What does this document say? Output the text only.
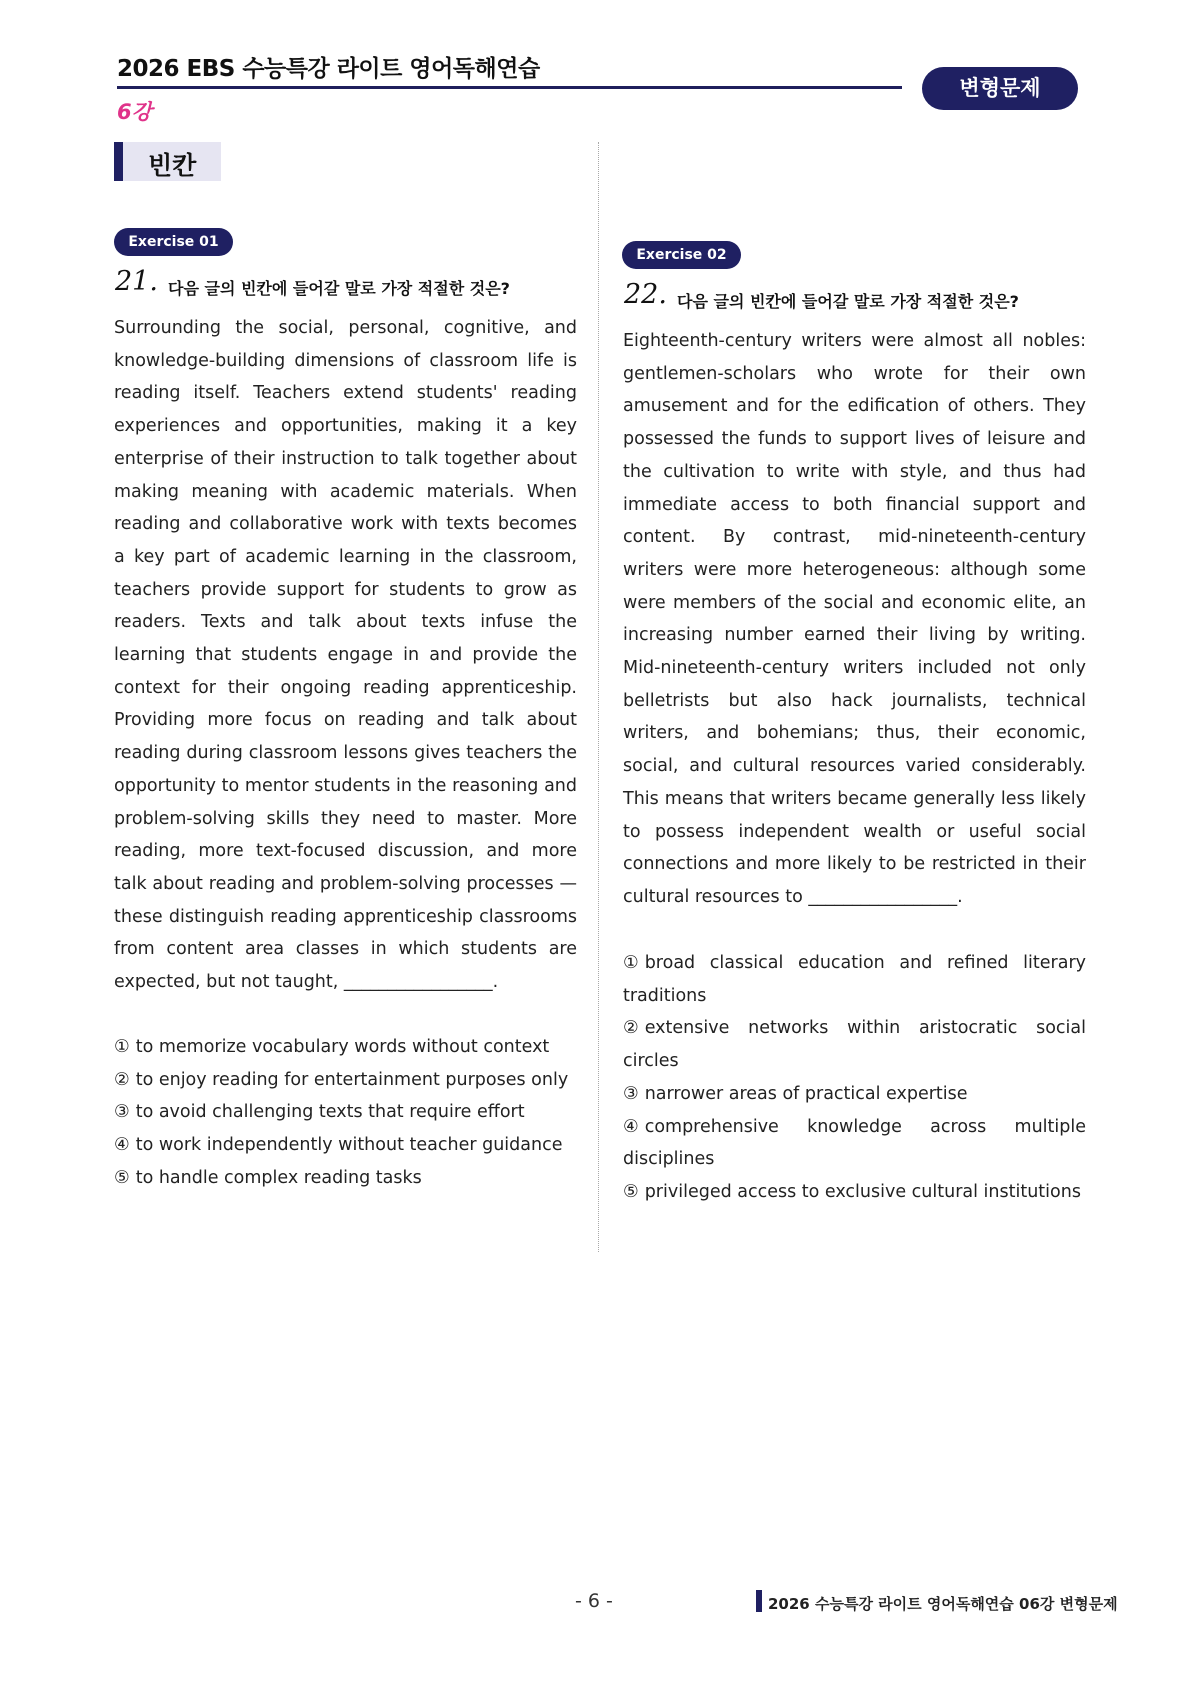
2026 EBS 수능특강 라이트 영어독해연습
6강
변형문제
빈칸
Exercise 01
21. 다음 글의 빈칸에 들어갈 말로 가장 적절한 것은?
Surrounding the social, personal, cognitive, and knowledge-building dimensions of classroom life is reading itself. Teachers extend students' reading experiences and opportunities, making it a key enterprise of their instruction to talk together about making meaning with academic materials. When reading and collaborative work with texts becomes a key part of academic learning in the classroom, teachers provide support for students to grow as readers. Texts and talk about texts infuse the learning that students engage in and provide the context for their ongoing reading apprenticeship. Providing more focus on reading and talk about reading during classroom lessons gives teachers the opportunity to mentor students in the reasoning and problem-solving skills they need to master. More reading, more text-focused discussion, and more talk about reading and problem-solving processes — these distinguish reading apprenticeship classrooms from content area classes in which students are expected, but not taught, _________________.
① to memorize vocabulary words without context
② to enjoy reading for entertainment purposes only
③ to avoid challenging texts that require effort
④ to work independently without teacher guidance
⑤ to handle complex reading tasks
Exercise 02
22. 다음 글의 빈칸에 들어갈 말로 가장 적절한 것은?
Eighteenth-century writers were almost all nobles: gentlemen-scholars who wrote for their own amusement and for the edification of others. They possessed the funds to support lives of leisure and the cultivation to write with style, and thus had immediate access to both financial support and content. By contrast, mid-nineteenth-century writers were more heterogeneous: although some were members of the social and economic elite, an increasing number earned their living by writing. Mid-nineteenth-century writers included not only belletrists but also hack journalists, technical writers, and bohemians; thus, their economic, social, and cultural resources varied considerably. This means that writers became generally less likely to possess independent wealth or useful social connections and more likely to be restricted in their cultural resources to _________________.
① broad classical education and refined literary traditions
② extensive networks within aristocratic social circles
③ narrower areas of practical expertise
④ comprehensive knowledge across multiple disciplines
⑤ privileged access to exclusive cultural institutions
- 6 -	2026 수능특강 라이트 영어독해연습 06강 변형문제
